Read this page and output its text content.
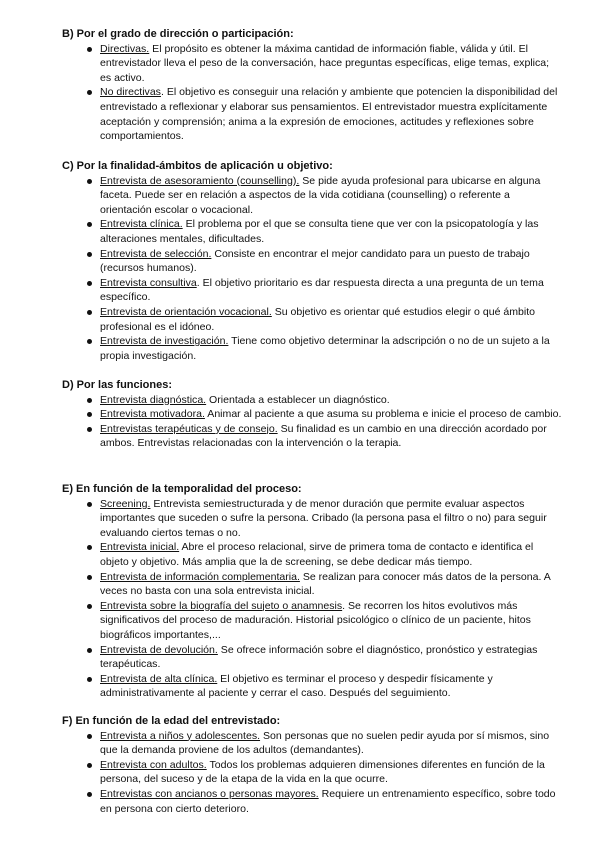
B) Por el grado de dirección o participación:
Directivas. El propósito es obtener la máxima cantidad de información fiable, válida y útil. El entrevistador lleva el peso de la conversación, hace preguntas específicas, elige temas, explica; es activo.
No directivas. El objetivo es conseguir una relación y ambiente que potencien la disponibilidad del entrevistado a reflexionar y elaborar sus pensamientos. El entrevistador muestra explícitamente aceptación y comprensión; anima a la expresión de emociones, actitudes y reflexiones sobre comportamientos.
C) Por la finalidad-ámbitos de aplicación u objetivo:
Entrevista de asesoramiento (counselling). Se pide ayuda profesional para ubicarse en alguna faceta. Puede ser en relación a aspectos de la vida cotidiana (counselling) o referente a orientación escolar o vocacional.
Entrevista clínica. El problema por el que se consulta tiene que ver con la psicopatología y las alteraciones mentales, dificultades.
Entrevista de selección. Consiste en encontrar el mejor candidato para un puesto de trabajo (recursos humanos).
Entrevista consultiva. El objetivo prioritario es dar respuesta directa a una pregunta de un tema específico.
Entrevista de orientación vocacional. Su objetivo es orientar qué estudios elegir o qué ámbito profesional es el idóneo.
Entrevista de investigación. Tiene como objetivo determinar la adscripción o no de un sujeto a la propia investigación.
D) Por las funciones:
Entrevista diagnóstica. Orientada a establecer un diagnóstico.
Entrevista motivadora. Animar al paciente a que asuma su problema e inicie el proceso de cambio.
Entrevistas terapéuticas y de consejo. Su finalidad es un cambio en una dirección acordado por ambos. Entrevistas relacionadas con la intervención o la terapia.
E) En función de la temporalidad del proceso:
Screening. Entrevista semiestructurada y de menor duración que permite evaluar aspectos importantes que suceden o sufre la persona. Cribado (la persona pasa el filtro o no) para seguir evaluando ciertos temas o no.
Entrevista inicial. Abre el proceso relacional, sirve de primera toma de contacto e identifica el objeto y objetivo. Más amplia que la de screening, se debe dedicar más tiempo.
Entrevista de información complementaria. Se realizan para conocer más datos de la persona. A veces no basta con una sola entrevista inicial.
Entrevista sobre la biografía del sujeto o anamnesis. Se recorren los hitos evolutivos más significativos del proceso de maduración. Historial psicológico o clínico de un paciente, hitos biográficos importantes,...
Entrevista de devolución. Se ofrece información sobre el diagnóstico, pronóstico y estrategias terapéuticas.
Entrevista de alta clínica. El objetivo es terminar el proceso y despedir físicamente y administrativamente al paciente y cerrar el caso. Después del seguimiento.
F) En función de la edad del entrevistado:
Entrevista a niños y adolescentes. Son personas que no suelen pedir ayuda por sí mismos, sino que la demanda proviene de los adultos (demandantes).
Entrevista con adultos. Todos los problemas adquieren dimensiones diferentes en función de la persona, del suceso y de la etapa de la vida en la que ocurre.
Entrevistas con ancianos o personas mayores. Requiere un entrenamiento específico, sobre todo en persona con cierto deterioro.
